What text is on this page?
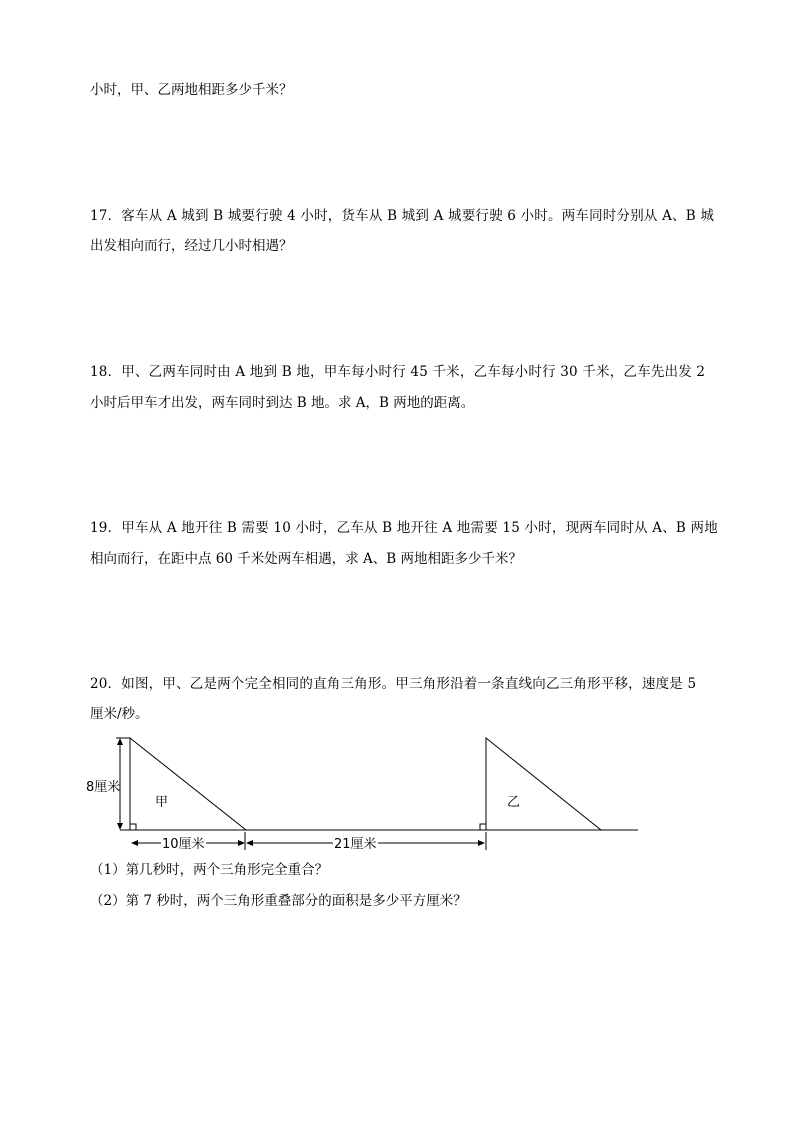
小时，甲、乙两地相距多少千米？
17．客车从 A 城到 B 城要行驶 4 小时，货车从 B 城到 A 城要行驶 6 小时。两车同时分别从 A、B 城
出发相向而行，经过几小时相遇？
18．甲、乙两车同时由 A 地到 B 地，甲车每小时行 45 千米，乙车每小时行 30 千米，乙车先出发 2
小时后甲车才出发，两车同时到达 B 地。求 A，B 两地的距离。
19．甲车从 A 地开往 B 需要 10 小时，乙车从 B 地开往 A 地需要 15 小时，现两车同时从 A、B 两地
相向而行，在距中点 60 千米处两车相遇，求 A、B 两地相距多少千米？
20．如图，甲、乙是两个完全相同的直角三角形。甲三角形沿着一条直线向乙三角形平移，速度是 5
厘米/秒。
8厘米
甲	乙
10厘米	21厘米
（1）第几秒时，两个三角形完全重合？
（2）第 7 秒时，两个三角形重叠部分的面积是多少平方厘米？
